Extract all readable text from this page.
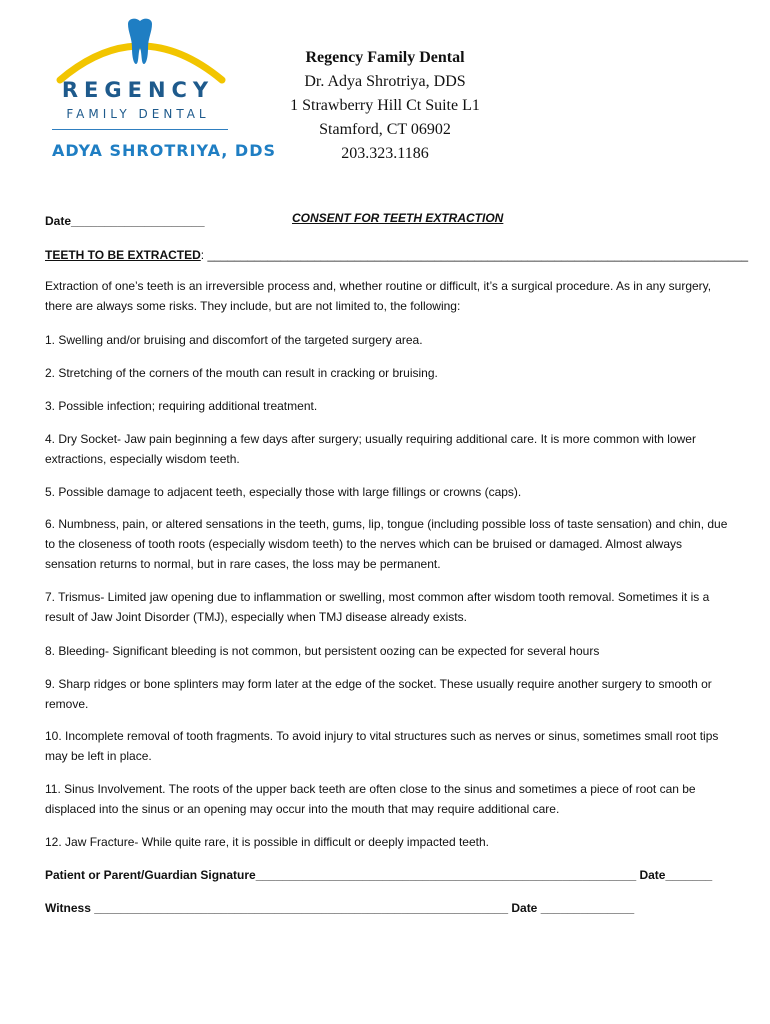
REGENCY
FAMILY DENTAL
ADYA SHROTRIYA, DDS
Regency Family Dental
Dr. Adya Shrotriya, DDS
1 Strawberry Hill Ct Suite L1
Stamford, CT 06902
203.323.1186
Date____________________	CONSENT FOR TEETH EXTRACTION
TEETH TO BE EXTRACTED: _________________________________________________________________________________
Extraction of one’s teeth is an irreversible process and, whether routine or difficult, it’s a surgical procedure. As in any surgery, there are always some risks. They include, but are not limited to, the following:
1. Swelling and/or bruising and discomfort of the targeted surgery area.
2. Stretching of the corners of the mouth can result in cracking or bruising.
3. Possible infection; requiring additional treatment.
4. Dry Socket- Jaw pain beginning a few days after surgery; usually requiring additional care. It is more common with lower extractions, especially wisdom teeth.
5. Possible damage to adjacent teeth, especially those with large fillings or crowns (caps).
6. Numbness, pain, or altered sensations in the teeth, gums, lip, tongue (including possible loss of taste sensation) and chin, due to the closeness of tooth roots (especially wisdom teeth) to the nerves which can be bruised or damaged. Almost always sensation returns to normal, but in rare cases, the loss may be permanent.
7. Trismus- Limited jaw opening due to inflammation or swelling, most common after wisdom tooth removal. Sometimes it is a result of Jaw Joint Disorder (TMJ), especially when TMJ disease already exists.
8. Bleeding- Significant bleeding is not common, but persistent oozing can be expected for several hours
9. Sharp ridges or bone splinters may form later at the edge of the socket. These usually require another surgery to smooth or remove.
10. Incomplete removal of tooth fragments. To avoid injury to vital structures such as nerves or sinus, sometimes small root tips may be left in place.
11. Sinus Involvement. The roots of the upper back teeth are often close to the sinus and sometimes a piece of root can be displaced into the sinus or an opening may occur into the mouth that may require additional care.
12. Jaw Fracture- While quite rare, it is possible in difficult or deeply impacted teeth.
Patient or Parent/Guardian Signature_________________________________________________________ Date_______
Witness ______________________________________________________________ Date ______________
